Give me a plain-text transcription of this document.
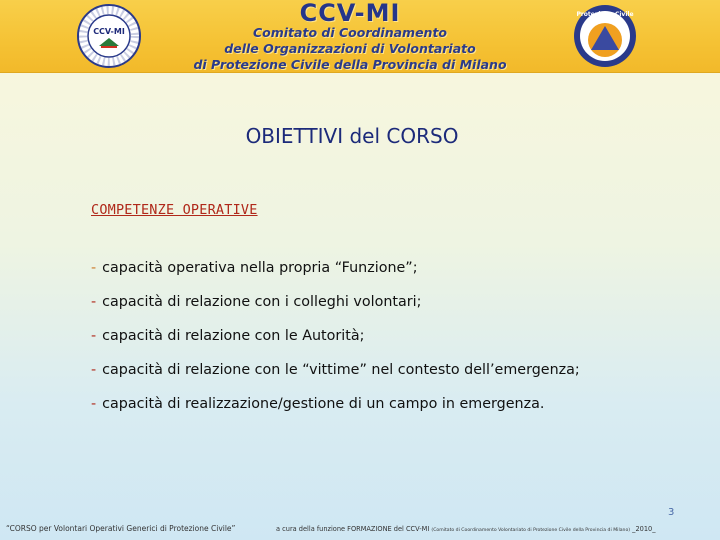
CCV-MI
CCV-MI
Comitato di Coordinamento
delle Organizzazioni di Volontariato
di Protezione Civile della Provincia di Milano
Protezione Civile
OBIETTIVI del CORSO
COMPETENZE OPERATIVE
- capacità operativa nella propria “Funzione”;
- capacità di relazione con i colleghi volontari;
- capacità di relazione con le Autorità;
- capacità di relazione con le “vittime” nel contesto dell’emergenza;
- capacità di realizzazione/gestione di un campo in emergenza.
3
“CORSO per Volontari Operativi Generici di Protezione Civile”	a cura della funzione FORMAZIONE del CCV-MI (Comitato di Coordinamento Volontariato di Protezione Civile della Provincia di Milano) _2010_
